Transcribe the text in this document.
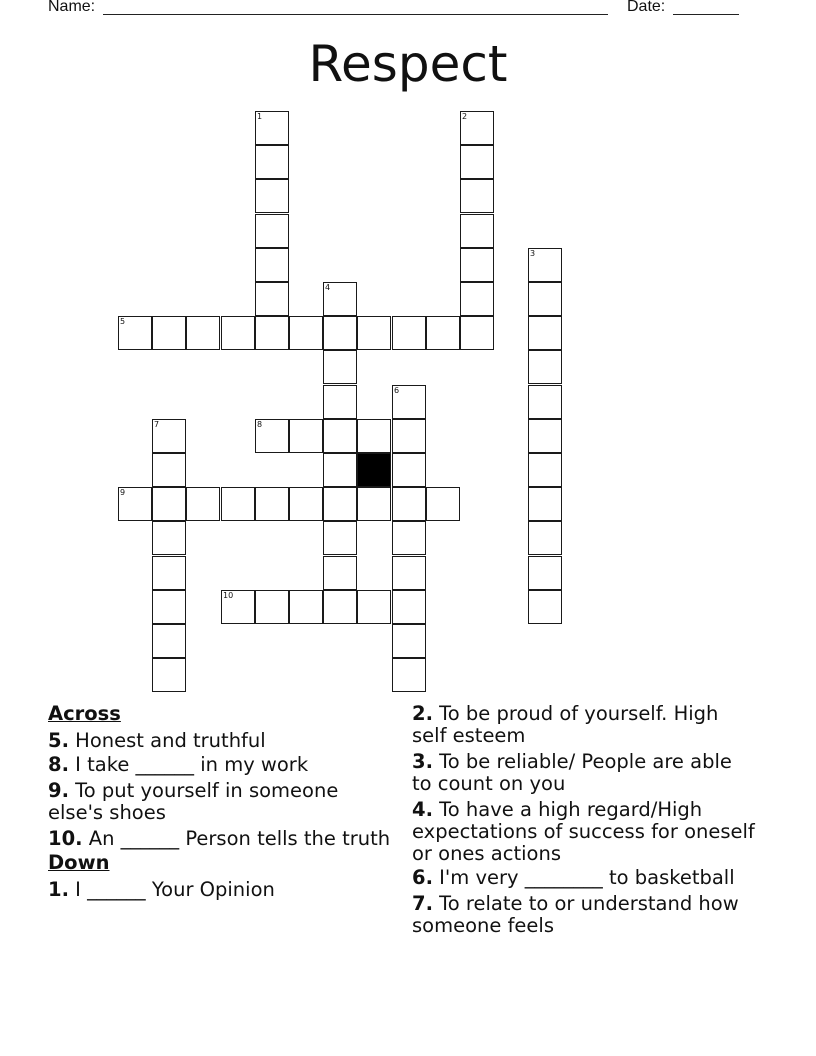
Name:	Date:
Respect
1	2
3
4
5
6
7	8
9
10
Across
5. Honest and truthful
8. I take ______ in my work
9. To put yourself in someone else's shoes
10. An ______ Person tells the truth
Down
1. I ______ Your Opinion
2. To be proud of yourself. High self esteem
3. To be reliable/ People are able to count on you
4. To have a high regard/High expectations of success for oneself or ones actions
6. I'm very ________ to basketball
7. To relate to or understand how someone feels
